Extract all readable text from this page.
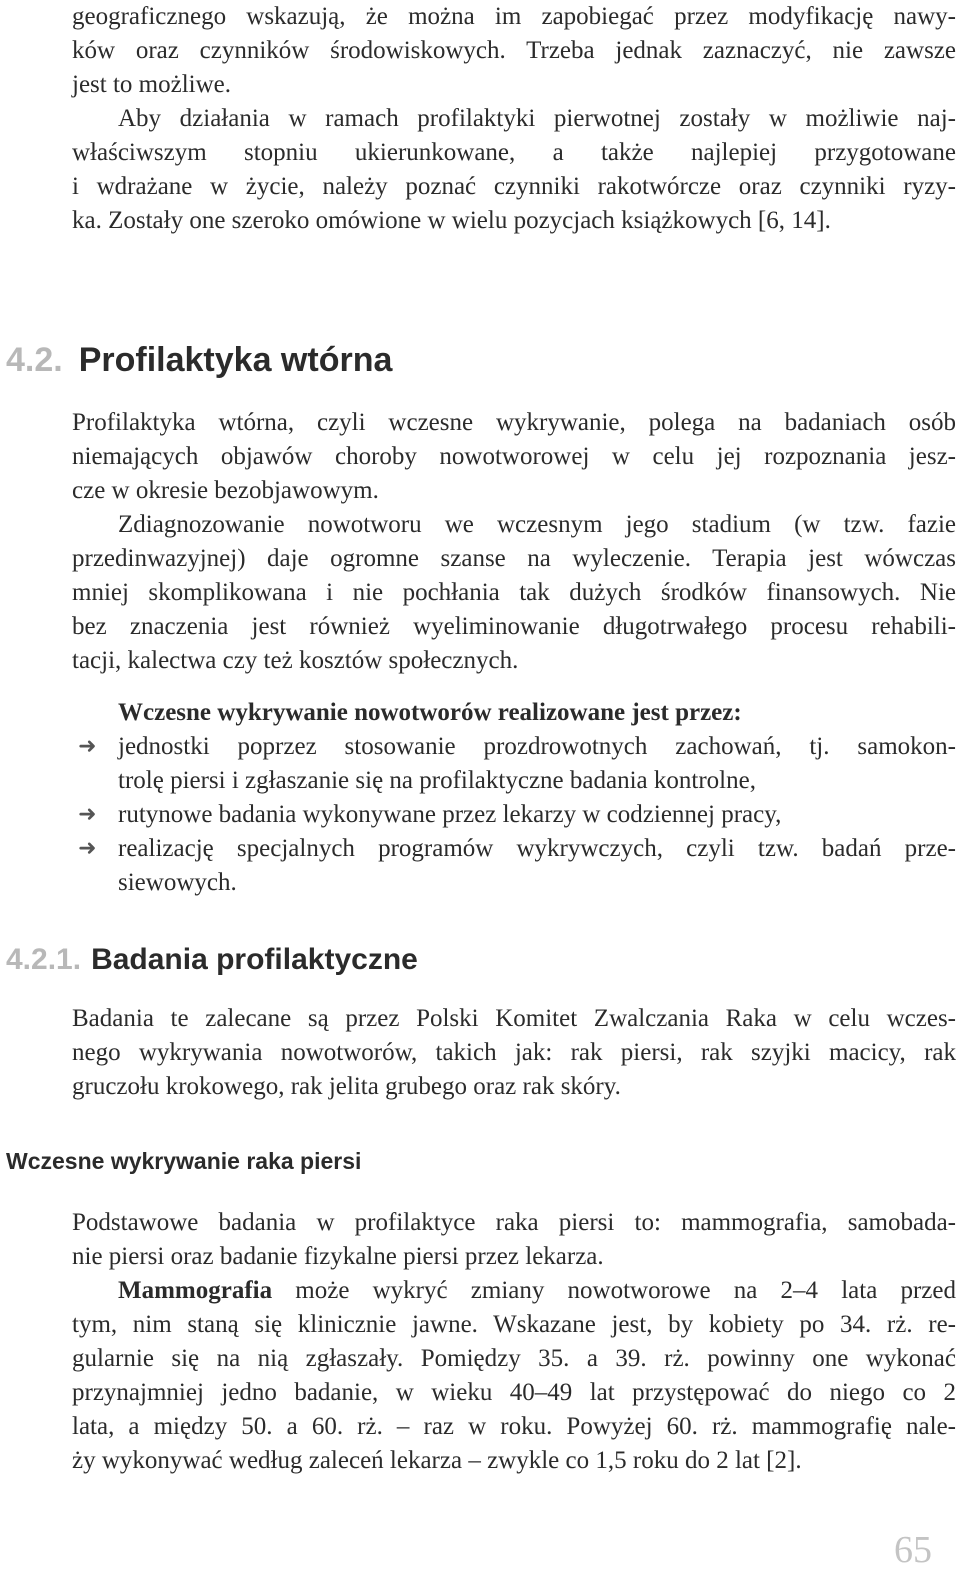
geograficznego wskazują, że można im zapobiegać przez modyfikację nawy-
ków oraz czynników środowiskowych. Trzeba jednak zaznaczyć, nie zawsze
jest to możliwe.
Aby działania w ramach profilaktyki pierwotnej zostały w możliwie naj-
właściwszym stopniu ukierunkowane, a także najlepiej przygotowane
i wdrażane w życie, należy poznać czynniki rakotwórcze oraz czynniki ryzy-
ka. Zostały one szeroko omówione w wielu pozycjach książkowych [6, 14].
4.2. Profilaktyka wtórna
Profilaktyka wtórna, czyli wczesne wykrywanie, polega na badaniach osób
niemających objawów choroby nowotworowej w celu jej rozpoznania jesz-
cze w okresie bezobjawowym.
Zdiagnozowanie nowotworu we wczesnym jego stadium (w tzw. fazie
przedinwazyjnej) daje ogromne szanse na wyleczenie. Terapia jest wówczas
mniej skomplikowana i nie pochłania tak dużych środków finansowych. Nie
bez znaczenia jest również wyeliminowanie długotrwałego procesu rehabili-
tacji, kalectwa czy też kosztów społecznych.
Wczesne wykrywanie nowotworów realizowane jest przez:
➜ jednostki poprzez stosowanie prozdrowotnych zachowań, tj. samokon-
trolę piersi i zgłaszanie się na profilaktyczne badania kontrolne,
➜ rutynowe badania wykonywane przez lekarzy w codziennej pracy,
➜ realizację specjalnych programów wykrywczych, czyli tzw. badań prze-
siewowych.
4.2.1. Badania profilaktyczne
Badania te zalecane są przez Polski Komitet Zwalczania Raka w celu wczes-
nego wykrywania nowotworów, takich jak: rak piersi, rak szyjki macicy, rak
gruczołu krokowego, rak jelita grubego oraz rak skóry.
Wczesne wykrywanie raka piersi
Podstawowe badania w profilaktyce raka piersi to: mammografia, samobada-
nie piersi oraz badanie fizykalne piersi przez lekarza.
Mammografia może wykryć zmiany nowotworowe na 2–4 lata przed
tym, nim staną się klinicznie jawne. Wskazane jest, by kobiety po 34. rż. re-
gularnie się na nią zgłaszały. Pomiędzy 35. a 39. rż. powinny one wykonać
przynajmniej jedno badanie, w wieku 40–49 lat przystępować do niego co 2
lata, a między 50. a 60. rż. – raz w roku. Powyżej 60. rż. mammografię nale-
ży wykonywać według zaleceń lekarza – zwykle co 1,5 roku do 2 lat [2].
65
